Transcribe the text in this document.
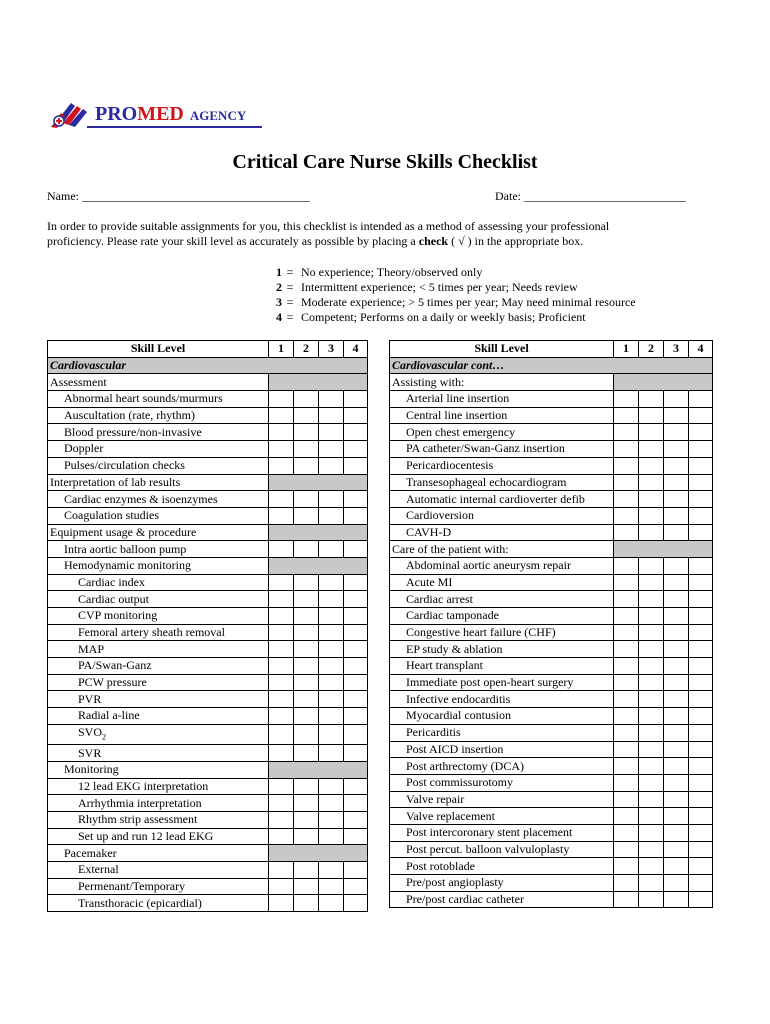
PROMED AGENCY
Critical Care Nurse Skills Checklist
Name: ______________________________________	Date: ___________________________

In order to provide suitable assignments for you, this checklist is intended as a method of assessing your professional

proficiency. Please rate your skill level as accurately as possible by placing a check ( √ ) in the appropriate box.

1 = No experience; Theory/observed only
2 = Intermittent experience; < 5 times per year; Needs review
3 = Moderate experience; > 5 times per year; May need minimal resource
4 = Competent; Performs on a daily or weekly basis; Proficient
Skill Level	1	2	3	4
Cardiovascular				
Assessment				
Abnormal heart sounds/murmurs				
Auscultation (rate, rhythm)				
Blood pressure/non-invasive				
Doppler				
Pulses/circulation checks				
Interpretation of lab results				
Cardiac enzymes & isoenzymes				
Coagulation studies				
Equipment usage & procedure				
Intra aortic balloon pump				
Hemodynamic monitoring				
Cardiac index				
Cardiac output				
CVP monitoring				
Femoral artery sheath removal				
MAP				
PA/Swan-Ganz				
PCW pressure				
PVR				
Radial a-line				
$SVO_2$				
SVR				
Monitoring				
12 lead EKG interpretation				
Arrhythmia interpretation				
Rhythm strip assessment				
Set up and run 12 lead EKG				
Pacemaker				
External				
Permenant/Temporary				
Transthoracic (epicardial)				
Skill Level	1	2	3	4
Cardiovascular cont…				
Assisting with:				
Arterial line insertion				
Central line insertion				
Open chest emergency				
PA catheter/Swan-Ganz insertion				
Pericardiocentesis				
Transesophageal echocardiogram				
Automatic internal cardioverter defib				
Cardioversion				
CAVH-D				
Care of the patient with:				
Abdominal aortic aneurysm repair				
Acute MI				
Cardiac arrest				
Cardiac tamponade				
Congestive heart failure (CHF)				
EP study & ablation				
Heart transplant				
Immediate post open-heart surgery				
Infective endocarditis				
Myocardial contusion				
Pericarditis				
Post AICD insertion				
Post arthrectomy (DCA)				
Post commissurotomy				
Valve repair				
Valve replacement				
Post intercoronary stent placement				
Post percut. balloon valvuloplasty				
Post rotoblade				
Pre/post angioplasty				
Pre/post cardiac catheter				
